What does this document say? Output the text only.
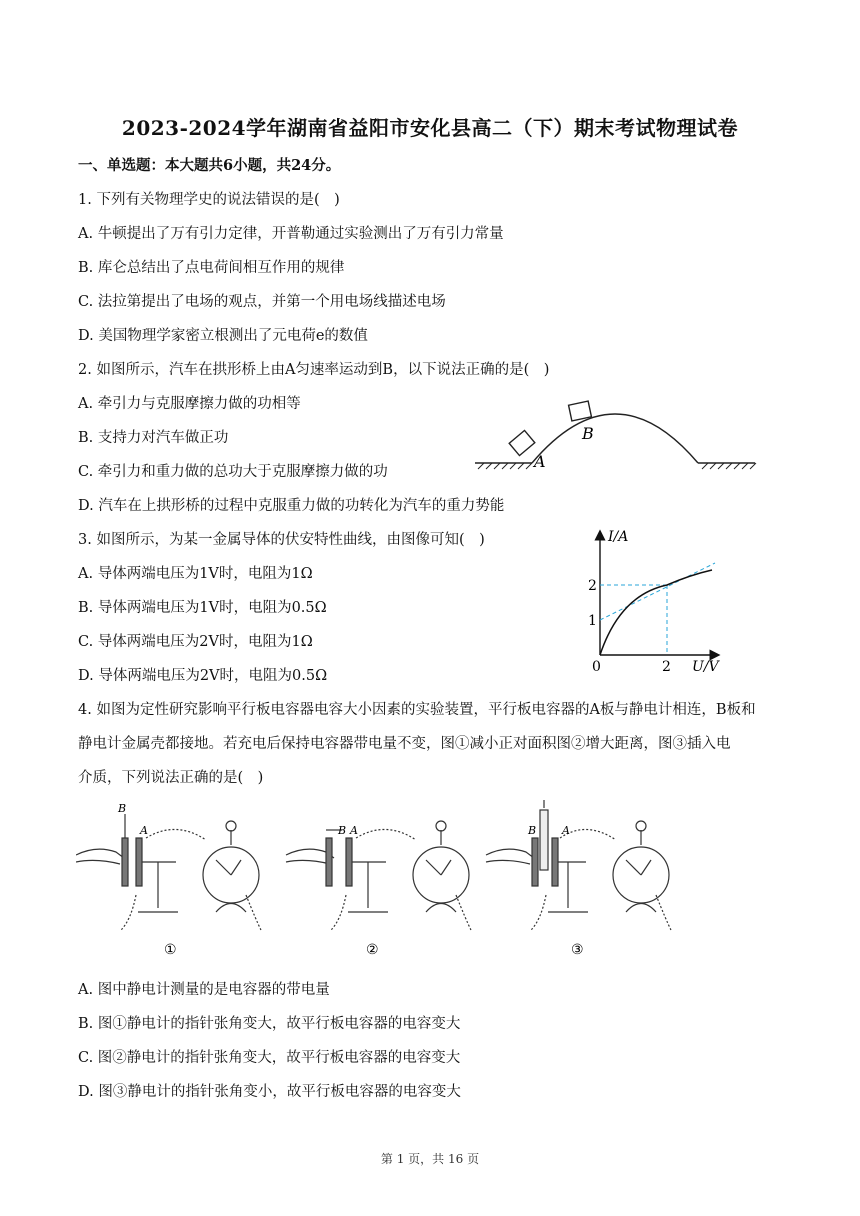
2023-2024学年湖南省益阳市安化县高二（下）期末考试物理试卷
一、单选题：本大题共6小题，共24分。
1. 下列有关物理学史的说法错误的是(　)
A. 牛顿提出了万有引力定律，开普勒通过实验测出了万有引力常量
B. 库仑总结出了点电荷间相互作用的规律
C. 法拉第提出了电场的观点，并第一个用电场线描述电场
D. 美国物理学家密立根测出了元电荷e的数值
2. 如图所示，汽车在拱形桥上由A匀速率运动到B，以下说法正确的是(　)
A. 牵引力与克服摩擦力做的功相等
B. 支持力对汽车做正功
C. 牵引力和重力做的总功大于克服摩擦力做的功
D. 汽车在上拱形桥的过程中克服重力做的功转化为汽车的重力势能
A
B
3. 如图所示，为某一金属导体的伏安特性曲线，由图像可知(　)
A. 导体两端电压为1V时，电阻为1Ω
B. 导体两端电压为1V时，电阻为0.5Ω
C. 导体两端电压为2V时，电阻为1Ω
D. 导体两端电压为2V时，电阻为0.5Ω
I/A
U/V
0
2
1
2
4. 如图为定性研究影响平行板电容器电容大小因素的实验装置，平行板电容器的A板与静电计相连，B板和
静电计金属壳都接地。若充电后保持电容器带电量不变，图①减小正对面积图②增大距离，图③插入电
介质，下列说法正确的是(　)
①	②	③
B
A	B A	B A
A. 图中静电计测量的是电容器的带电量
B. 图①静电计的指针张角变大，故平行板电容器的电容变大
C. 图②静电计的指针张角变大，故平行板电容器的电容变大
D. 图③静电计的指针张角变小，故平行板电容器的电容变大
第 1 页，共 16 页
